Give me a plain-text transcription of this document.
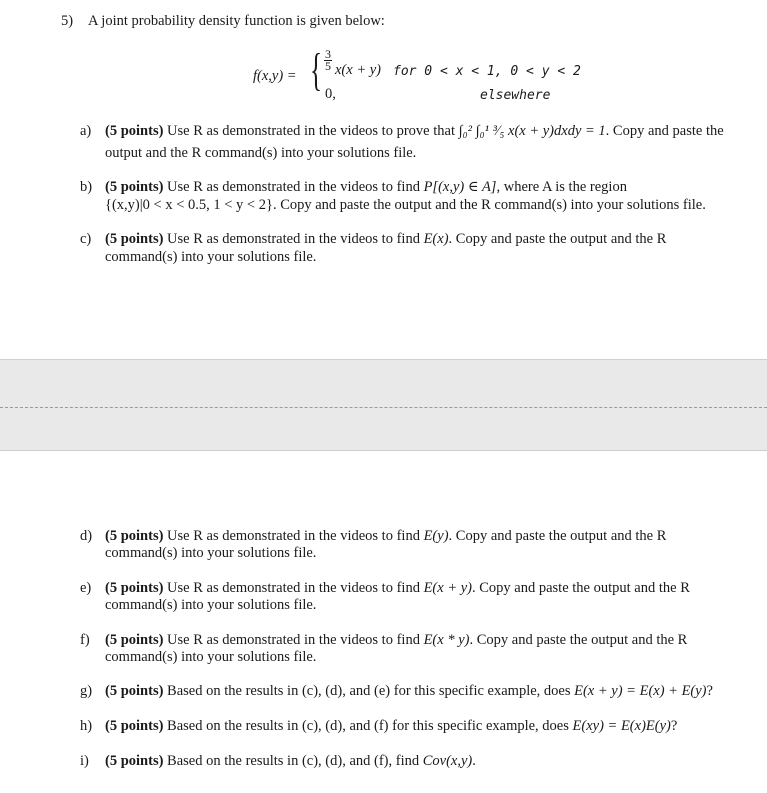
5) A joint probability density function is given below:
f(x,y) = { $\frac{3}{5} x(x + y)$ for 0 < x < 1, 0 < y < 2
0,	elsewhere
a) (5 points) Use R as demonstrated in the videos to prove that ∫₀² ∫₀¹ ³⁄₅ x(x + y)dxdy = 1. Copy and paste the
output and the R command(s) into your solutions file.
b) (5 points) Use R as demonstrated in the videos to find P[(x,y) ∈ A], where A is the region
{(x,y)|0 < x < 0.5, 1 < y < 2}. Copy and paste the output and the R command(s) into your solutions file.
c) (5 points) Use R as demonstrated in the videos to find E(x). Copy and paste the output and the R
command(s) into your solutions file.
d) (5 points) Use R as demonstrated in the videos to find E(y). Copy and paste the output and the R
command(s) into your solutions file.
e) (5 points) Use R as demonstrated in the videos to find E(x + y). Copy and paste the output and the R
command(s) into your solutions file.
f) (5 points) Use R as demonstrated in the videos to find E(x * y). Copy and paste the output and the R
command(s) into your solutions file.
g) (5 points) Based on the results in (c), (d), and (e) for this specific example, does E(x + y) = E(x) + E(y)?
h) (5 points) Based on the results in (c), (d), and (f) for this specific example, does E(xy) = E(x)E(y)?
i) (5 points) Based on the results in (c), (d), and (f), find Cov(x,y).
